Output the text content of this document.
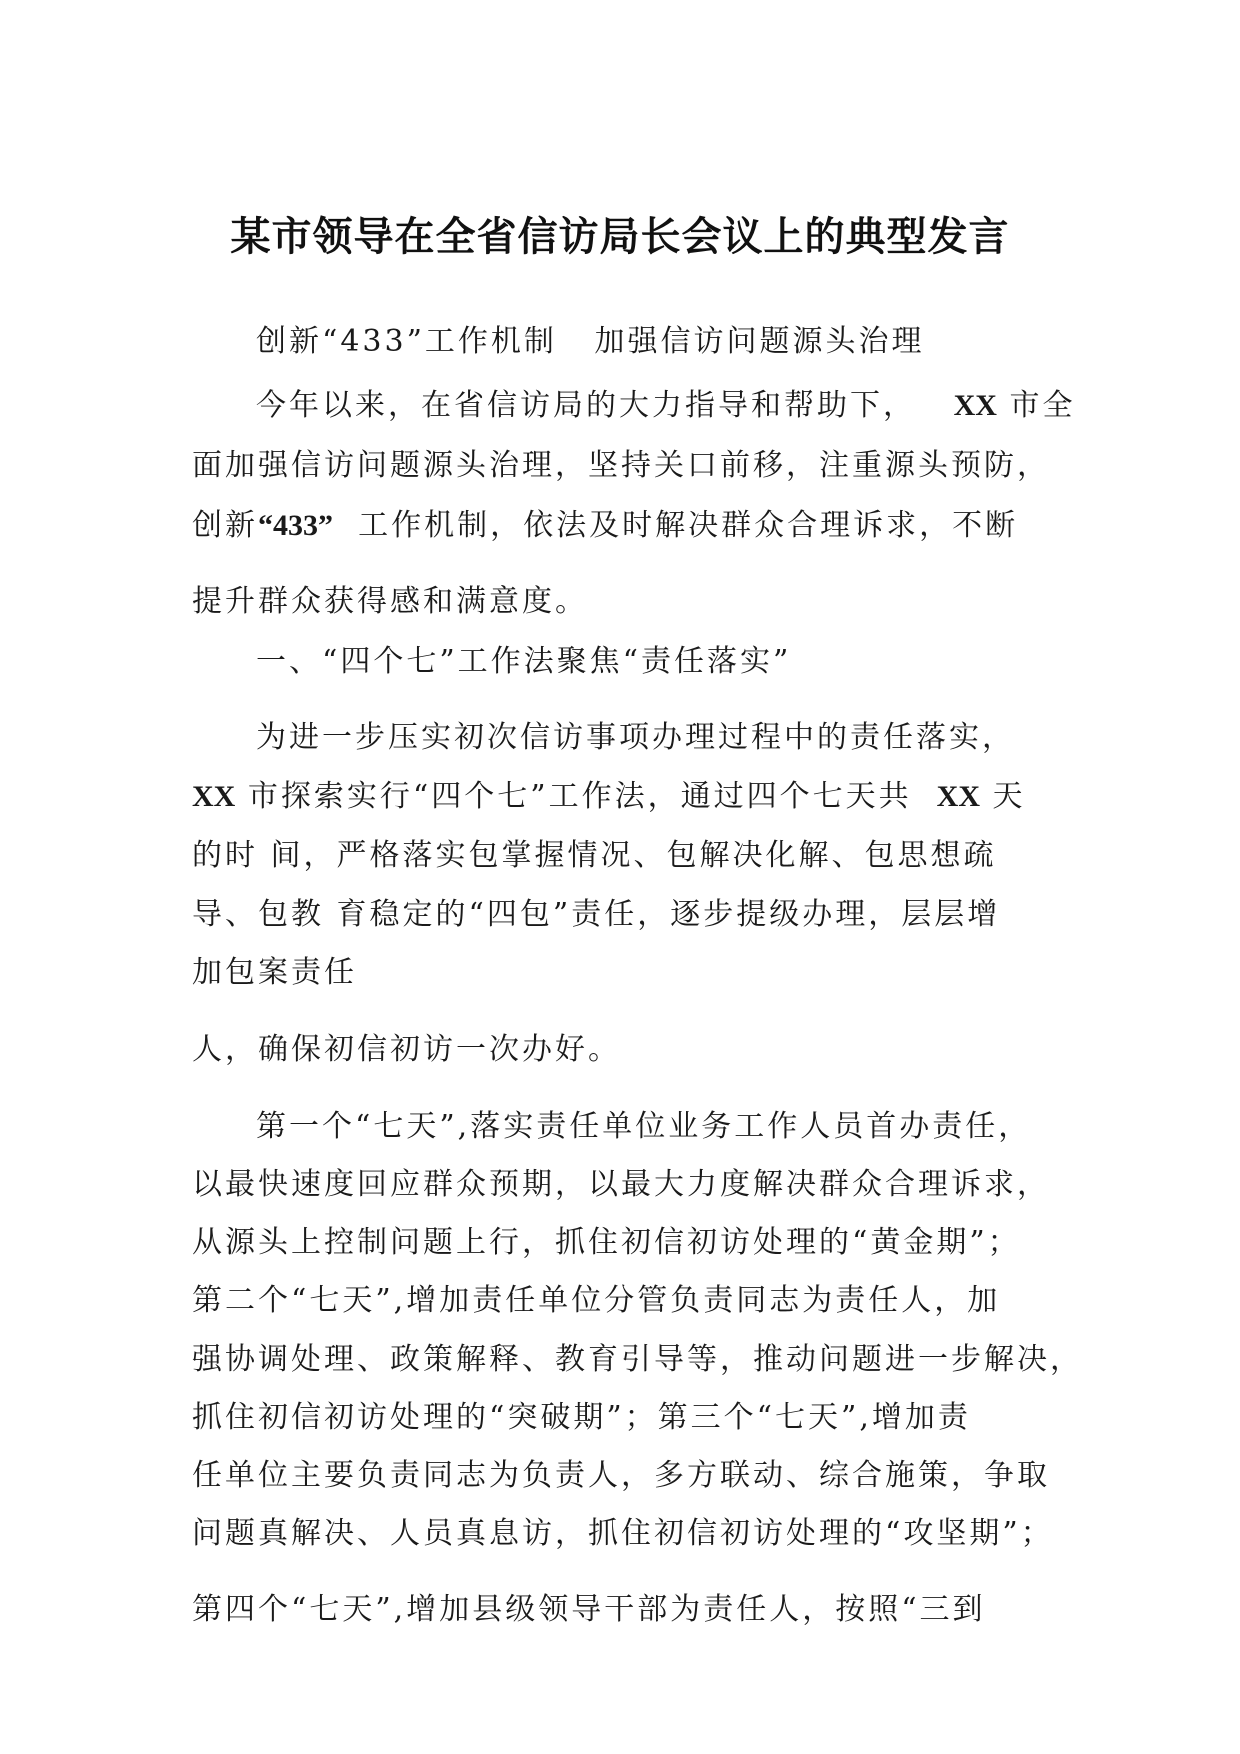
某市领导在全省信访局长会议上的典型发言
创新“433”工作机制   加强信访问题源头治理
今年以来，在省信访局的大力指导和帮助下， XX 市全
面加强信访问题源头治理，坚持关口前移，注重源头预防，
创新“433” 工作机制，依法及时解决群众合理诉求，不断
提升群众获得感和满意度。
一、“四个七”工作法聚焦“责任落实”
为进一步压实初次信访事项办理过程中的责任落实，
XX 市探索实行“四个七”工作法，通过四个七天共 XX 天
的时 间，严格落实包掌握情况、包解决化解、包思想疏
导、包教 育稳定的“四包”责任，逐步提级办理，层层增
加包案责任
人，确保初信初访一次办好。
第一个“七天”,落实责任单位业务工作人员首办责任，
以最快速度回应群众预期，以最大力度解决群众合理诉求，
从源头上控制问题上行，抓住初信初访处理的“黄金期”；
第二个“七天”,增加责任单位分管负责同志为责任人，加
强协调处理、政策解释、教育引导等，推动问题进一步解决，
抓住初信初访处理的“突破期”；第三个“七天”,增加责
任单位主要负责同志为负责人，多方联动、综合施策，争取
问题真解决、人员真息访，抓住初信初访处理的“攻坚期”；
第四个“七天”,增加县级领导干部为责任人，按照“三到
